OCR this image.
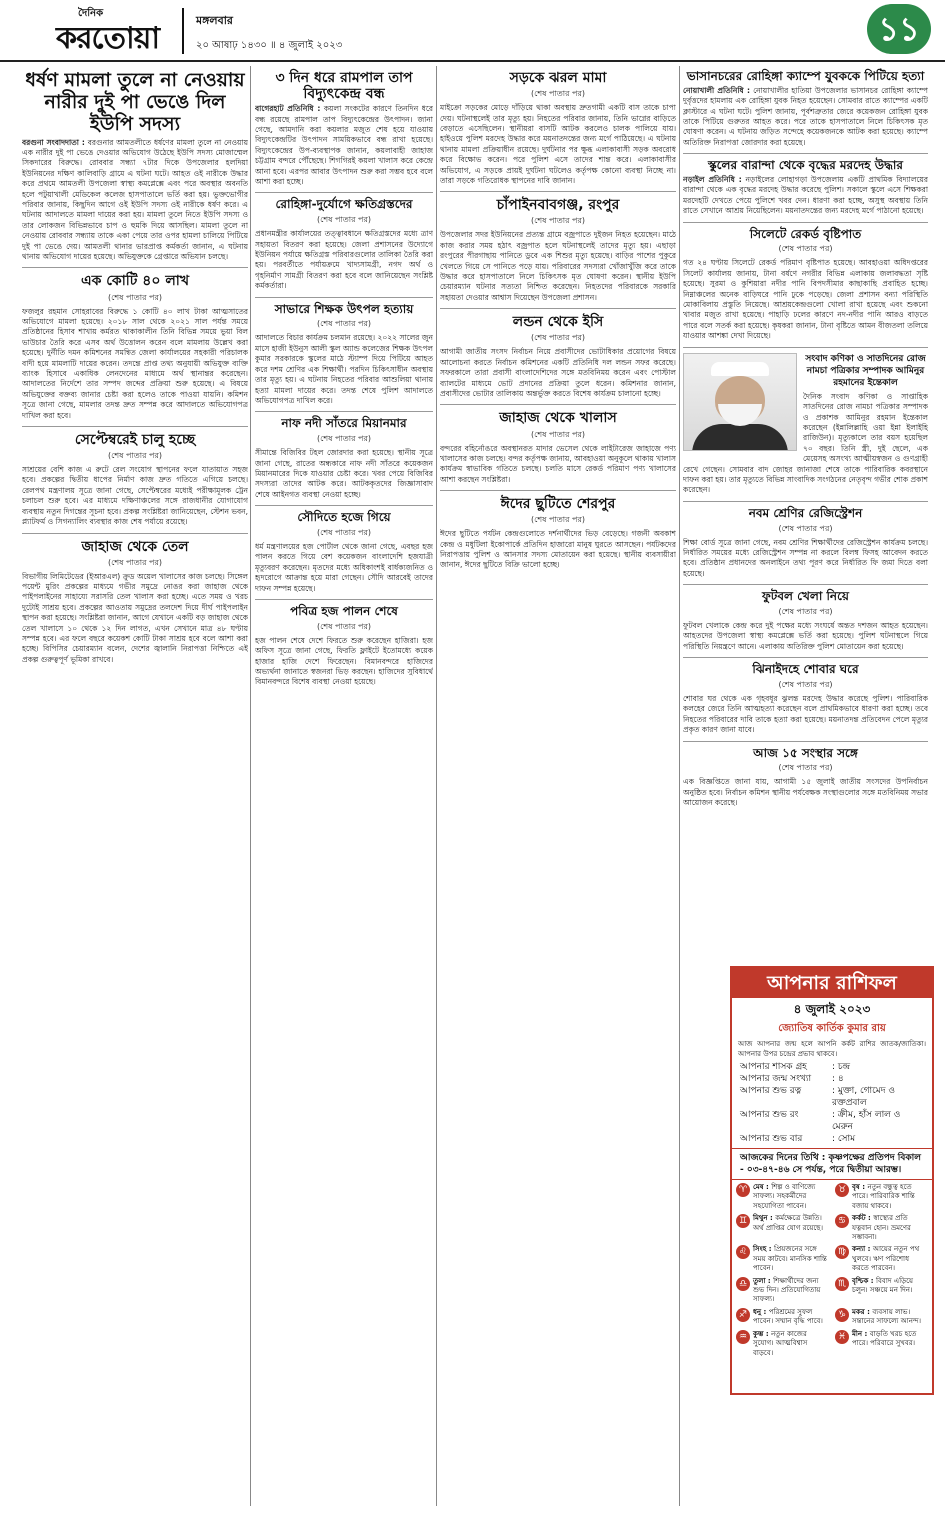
দৈনিক
করতোয়া
মঙ্গলবার
২০ আষাঢ় ১৪৩০ ॥ ৪ জুলাই ২০২৩	১১
ধর্ষণ মামলা তুলে না নেওয়ায় নারীর দুই পা ভেঙে দিল ইউপি সদস্য

বরগুনা সংবাদদাতা : বরগুনার আমতলীতে ধর্ষণের মামলা তুলে না নেওয়ায় এক নারীর দুই পা ভেঙে দেওয়ার অভিযোগ উঠেছে ইউপি সদস্য মোজাম্মেল সিকদারের বিরুদ্ধে। রোববার সন্ধ্যা ৭টার দিকে উপজেলার হলদিয়া ইউনিয়নের দক্ষিণ কালিবাড়ি গ্রামে এ ঘটনা ঘটে। আহত ওই নারীকে উদ্ধার করে প্রথমে আমতলী উপজেলা স্বাস্থ্য কমপ্লেক্সে এবং পরে অবস্থার অবনতি হলে পটুয়াখালী মেডিকেল কলেজ হাসপাতালে ভর্তি করা হয়। ভুক্তভোগীর পরিবার জানায়, কিছুদিন আগে ওই ইউপি সদস্য ওই নারীকে ধর্ষণ করে। এ ঘটনায় আদালতে মামলা দায়ের করা হয়। মামলা তুলে নিতে ইউপি সদস্য ও তার লোকজন বিভিন্নভাবে চাপ ও হুমকি দিয়ে আসছিল। মামলা তুলে না নেওয়ায় রোববার সন্ধ্যায় তাকে একা পেয়ে তার ওপর হামলা চালিয়ে পিটিয়ে দুই পা ভেঙে দেয়। আমতলী থানার ভারপ্রাপ্ত কর্মকর্তা জানান, এ ঘটনায় থানায় অভিযোগ দায়ের হয়েছে। অভিযুক্তকে গ্রেপ্তারে অভিযান চলছে।

এক কোটি ৪০ লাখ
(শেষ পাতার পর)

ফজলুর রহমান সোহরাবের বিরুদ্ধে ১ কোটি ৪০ লাখ টাকা আত্মসাতের অভিযোগে মামলা হয়েছে। ২০১৮ সাল থেকে ২০২১ সাল পর্যন্ত সময়ে প্রতিষ্ঠানের হিসাব শাখায় কর্মরত থাকাকালীন তিনি বিভিন্ন সময়ে ভুয়া বিল ভাউচার তৈরি করে এসব অর্থ উত্তোলন করেন বলে মামলায় উল্লেখ করা হয়েছে। দুর্নীতি দমন কমিশনের সমন্বিত জেলা কার্যালয়ের সহকারী পরিচালক বাদী হয়ে মামলাটি দায়ের করেন। তদন্তে প্রাপ্ত তথ্য অনুযায়ী অভিযুক্ত ব্যক্তি ব্যাংক হিসাবে একাধিক লেনদেনের মাধ্যমে অর্থ স্থানান্তর করেছেন। আদালতের নির্দেশে তার সম্পদ জব্দের প্রক্রিয়া শুরু হয়েছে। এ বিষয়ে অভিযুক্তের বক্তব্য জানার চেষ্টা করা হলেও তাকে পাওয়া যায়নি। কমিশন সূত্রে জানা গেছে, মামলার তদন্ত দ্রুত সম্পন্ন করে আদালতে অভিযোগপত্র দাখিল করা হবে।

সেপ্টেম্বরেই চালু হচ্ছে
(শেষ পাতার পর)

সাশ্রয়ের বেশি কাজ এ রুটে রেল সংযোগ স্থাপনের ফলে যাতায়াত সহজ হবে। প্রকল্পের দ্বিতীয় ধাপের নির্মাণ কাজ দ্রুত গতিতে এগিয়ে চলছে। রেলপথ মন্ত্রণালয় সূত্রে জানা গেছে, সেপ্টেম্বরের মধ্যেই পরীক্ষামূলক ট্রেন চলাচল শুরু হবে। এর মাধ্যমে দক্ষিণাঞ্চলের সঙ্গে রাজধানীর যোগাযোগ ব্যবস্থায় নতুন দিগন্তের সূচনা হবে। প্রকল্প সংশ্লিষ্টরা জানিয়েছেন, স্টেশন ভবন, প্ল্যাটফর্ম ও সিগন্যালিং ব্যবস্থার কাজ শেষ পর্যায়ে রয়েছে।

জাহাজ থেকে তেল
(শেষ পাতার পর)

বিভাগীয় লিমিটেডের (ইআরএল) ক্রুড অয়েল খালাসের কাজ চলছে। সিঙ্গেল পয়েন্ট মুরিং প্রকল্পের মাধ্যমে গভীর সমুদ্রে নোঙর করা জাহাজ থেকে পাইপলাইনের সাহায্যে সরাসরি তেল খালাস করা হচ্ছে। এতে সময় ও খরচ দুটোই সাশ্রয় হবে। প্রকল্পের আওতায় সমুদ্রের তলদেশ দিয়ে দীর্ঘ পাইপলাইন স্থাপন করা হয়েছে। সংশ্লিষ্টরা জানান, আগে যেখানে একটি বড় জাহাজ থেকে তেল খালাসে ১০ থেকে ১২ দিন লাগত, এখন সেখানে মাত্র ৪৮ ঘণ্টায় সম্পন্ন হবে। এর ফলে বছরে কয়েকশ কোটি টাকা সাশ্রয় হবে বলে আশা করা হচ্ছে। বিপিসির চেয়ারম্যান বলেন, দেশের জ্বালানি নিরাপত্তা নিশ্চিতে এই প্রকল্প গুরুত্বপূর্ণ ভূমিকা রাখবে।

৩ দিন ধরে রামপাল তাপ বিদ্যুৎকেন্দ্র বন্ধ

বাগেরহাট প্রতিনিধি : কয়লা সংকটের কারণে তিনদিন ধরে বন্ধ রয়েছে রামপাল তাপ বিদ্যুৎকেন্দ্রের উৎপাদন। জানা গেছে, আমদানি করা কয়লার মজুত শেষ হয়ে যাওয়ায় বিদ্যুৎকেন্দ্রটির উৎপাদন সাময়িকভাবে বন্ধ রাখা হয়েছে। বিদ্যুৎকেন্দ্রের উপ-ব্যবস্থাপক জানান, কয়লাবাহী জাহাজ চট্টগ্রাম বন্দরে পৌঁছেছে। শিগগিরই কয়লা খালাস করে কেন্দ্রে আনা হবে। এরপর আবার উৎপাদন শুরু করা সম্ভব হবে বলে আশা করা হচ্ছে।

রোহিঙ্গা-দুর্যোগে ক্ষতিগ্রস্তদের
(শেষ পাতার পর)

প্রধানমন্ত্রীর কার্যালয়ের তত্ত্বাবধানে ক্ষতিগ্রস্তদের মধ্যে ত্রাণ সহায়তা বিতরণ করা হয়েছে। জেলা প্রশাসনের উদ্যোগে ইউনিয়ন পর্যায়ে ক্ষতিগ্রস্ত পরিবারগুলোর তালিকা তৈরি করা হয়। পরবর্তীতে পর্যায়ক্রমে খাদ্যসামগ্রী, নগদ অর্থ ও গৃহনির্মাণ সামগ্রী বিতরণ করা হবে বলে জানিয়েছেন সংশ্লিষ্ট কর্মকর্তারা।

সাভারে শিক্ষক উৎপল হত্যায়
(শেষ পাতার পর)

আদালতে বিচার কার্যক্রম চলমান রয়েছে। ২০২২ সালের জুন মাসে হাজী ইউনুস আলী স্কুল অ্যান্ড কলেজের শিক্ষক উৎপল কুমার সরকারকে স্কুলের মাঠে স্ট্যাম্প দিয়ে পিটিয়ে আহত করে দশম শ্রেণির এক শিক্ষার্থী। পরদিন চিকিৎসাধীন অবস্থায় তার মৃত্যু হয়। এ ঘটনায় নিহতের পরিবার আশুলিয়া থানায় হত্যা মামলা দায়ের করে। তদন্ত শেষে পুলিশ আদালতে অভিযোগপত্র দাখিল করে।

নাফ নদী সাঁতরে মিয়ানমার
(শেষ পাতার পর)

সীমান্তে বিজিবির টহল জোরদার করা হয়েছে। স্থানীয় সূত্রে জানা গেছে, রাতের অন্ধকারে নাফ নদী সাঁতরে কয়েকজন মিয়ানমারের দিকে যাওয়ার চেষ্টা করে। খবর পেয়ে বিজিবির সদস্যরা তাদের আটক করে। আটককৃতদের জিজ্ঞাসাবাদ শেষে আইনগত ব্যবস্থা নেওয়া হচ্ছে।

সৌদিতে হজে গিয়ে
(শেষ পাতার পর)

ধর্ম মন্ত্রণালয়ের হজ পোর্টাল থেকে জানা গেছে, এবছর হজ পালন করতে গিয়ে বেশ কয়েকজন বাংলাদেশি হজযাত্রী মৃত্যুবরণ করেছেন। মৃতদের মধ্যে অধিকাংশই বার্ধক্যজনিত ও হৃদরোগে আক্রান্ত হয়ে মারা গেছেন। সৌদি আরবেই তাদের দাফন সম্পন্ন হয়েছে।

পবিত্র হজ পালন শেষে
(শেষ পাতার পর)

হজ পালন শেষে দেশে ফিরতে শুরু করেছেন হাজিরা। হজ অফিস সূত্রে জানা গেছে, ফিরতি ফ্লাইটে ইতোমধ্যে কয়েক হাজার হাজি দেশে ফিরেছেন। বিমানবন্দরে হাজিদের অভ্যর্থনা জানাতে স্বজনরা ভিড় করছেন। হাজিদের সুবিধার্থে বিমানবন্দরে বিশেষ ব্যবস্থা নেওয়া হয়েছে।

সড়কে ঝরল মামা
(শেষ পাতার পর)

মাইক্রো সড়কের মোড়ে দাঁড়িয়ে থাকা অবস্থায় দ্রুতগামী একটি বাস তাকে চাপা দেয়। ঘটনাস্থলেই তার মৃত্যু হয়। নিহতের পরিবার জানায়, তিনি ভাগ্নের বাড়িতে বেড়াতে এসেছিলেন। স্থানীয়রা বাসটি আটক করলেও চালক পালিয়ে যায়। হাইওয়ে পুলিশ মরদেহ উদ্ধার করে ময়নাতদন্তের জন্য মর্গে পাঠিয়েছে। এ ঘটনায় থানায় মামলা প্রক্রিয়াধীন রয়েছে। দুর্ঘটনার পর ক্ষুব্ধ এলাকাবাসী সড়ক অবরোধ করে বিক্ষোভ করেন। পরে পুলিশ এসে তাদের শান্ত করে। এলাকাবাসীর অভিযোগ, এ সড়কে প্রায়ই দুর্ঘটনা ঘটলেও কর্তৃপক্ষ কোনো ব্যবস্থা নিচ্ছে না। তারা সড়কে গতিরোধক স্থাপনের দাবি জানান।

চাঁপাইনবাবগঞ্জ, রংপুর
(শেষ পাতার পর)

উপজেলার সদর ইউনিয়নের প্রত্যন্ত গ্রামে বজ্রপাতে দুইজন নিহত হয়েছেন। মাঠে কাজ করার সময় হঠাৎ বজ্রপাত হলে ঘটনাস্থলেই তাদের মৃত্যু হয়। এছাড়া রংপুরের পীরগাছায় পানিতে ডুবে এক শিশুর মৃত্যু হয়েছে। বাড়ির পাশের পুকুরে খেলতে গিয়ে সে পানিতে পড়ে যায়। পরিবারের সদস্যরা খোঁজাখুঁজি করে তাকে উদ্ধার করে হাসপাতালে নিলে চিকিৎসক মৃত ঘোষণা করেন। স্থানীয় ইউপি চেয়ারম্যান ঘটনার সত্যতা নিশ্চিত করেছেন। নিহতদের পরিবারকে সরকারি সহায়তা দেওয়ার আশ্বাস দিয়েছেন উপজেলা প্রশাসন।

লন্ডন থেকে ইসি
(শেষ পাতার পর)

আগামী জাতীয় সংসদ নির্বাচন নিয়ে প্রবাসীদের ভোটাধিকার প্রয়োগের বিষয়ে আলোচনা করতে নির্বাচন কমিশনের একটি প্রতিনিধি দল লন্ডন সফর করেছে। সফরকালে তারা প্রবাসী বাংলাদেশিদের সঙ্গে মতবিনিময় করেন এবং পোস্টাল ব্যালটের মাধ্যমে ভোট প্রদানের প্রক্রিয়া তুলে ধরেন। কমিশনার জানান, প্রবাসীদের ভোটার তালিকায় অন্তর্ভুক্ত করতে বিশেষ কার্যক্রম চালানো হচ্ছে।

জাহাজ থেকে খালাস
(শেষ পাতার পর)

বন্দরের বহির্নোঙরে অবস্থানরত মাদার ভেসেল থেকে লাইটারেজ জাহাজে পণ্য খালাসের কাজ চলছে। বন্দর কর্তৃপক্ষ জানায়, আবহাওয়া অনুকূলে থাকায় খালাস কার্যক্রম স্বাভাবিক গতিতে চলছে। চলতি মাসে রেকর্ড পরিমাণ পণ্য খালাসের আশা করছেন সংশ্লিষ্টরা।

ঈদের ছুটিতে শেরপুর
(শেষ পাতার পর)

ঈদের ছুটিতে পর্যটন কেন্দ্রগুলোতে দর্শনার্থীদের ভিড় বেড়েছে। গজনী অবকাশ কেন্দ্র ও মধুটিলা ইকোপার্কে প্রতিদিন হাজারো মানুষ ঘুরতে আসছেন। পর্যটকদের নিরাপত্তায় পুলিশ ও আনসার সদস্য মোতায়েন করা হয়েছে। স্থানীয় ব্যবসায়ীরা জানান, ঈদের ছুটিতে বিক্রি ভালো হচ্ছে।

ভাসানচরের রোহিঙ্গা ক্যাম্পে যুবককে পিটিয়ে হত্যা

নোয়াখালী প্রতিনিধি : নোয়াখালীর হাতিয়া উপজেলার ভাসানচর রোহিঙ্গা ক্যাম্পে দুর্বৃত্তদের হামলায় এক রোহিঙ্গা যুবক নিহত হয়েছেন। সোমবার রাতে ক্যাম্পের একটি ক্লাস্টারে এ ঘটনা ঘটে। পুলিশ জানায়, পূর্বশত্রুতার জেরে কয়েকজন রোহিঙ্গা যুবক তাকে পিটিয়ে গুরুতর আহত করে। পরে তাকে হাসপাতালে নিলে চিকিৎসক মৃত ঘোষণা করেন। এ ঘটনায় জড়িত সন্দেহে কয়েকজনকে আটক করা হয়েছে। ক্যাম্পে অতিরিক্ত নিরাপত্তা জোরদার করা হয়েছে।

স্কুলের বারান্দা থেকে বৃদ্ধের মরদেহ উদ্ধার

নড়াইল প্রতিনিধি : নড়াইলের লোহাগড়া উপজেলায় একটি প্রাথমিক বিদ্যালয়ের বারান্দা থেকে এক বৃদ্ধের মরদেহ উদ্ধার করেছে পুলিশ। সকালে স্কুলে এসে শিক্ষকরা মরদেহটি দেখতে পেয়ে পুলিশে খবর দেন। ধারণা করা হচ্ছে, অসুস্থ অবস্থায় তিনি রাতে সেখানে আশ্রয় নিয়েছিলেন। ময়নাতদন্তের জন্য মরদেহ মর্গে পাঠানো হয়েছে।

সিলেটে রেকর্ড বৃষ্টিপাত
(শেষ পাতার পর)

গত ২৪ ঘণ্টায় সিলেটে রেকর্ড পরিমাণ বৃষ্টিপাত হয়েছে। আবহাওয়া অধিদপ্তরের সিলেট কার্যালয় জানায়, টানা বর্ষণে নগরীর বিভিন্ন এলাকায় জলাবদ্ধতা সৃষ্টি হয়েছে। সুরমা ও কুশিয়ারা নদীর পানি বিপদসীমার কাছাকাছি প্রবাহিত হচ্ছে। নিম্নাঞ্চলের অনেক বাড়িঘরে পানি ঢুকে পড়েছে। জেলা প্রশাসন বন্যা পরিস্থিতি মোকাবিলায় প্রস্তুতি নিয়েছে। আশ্রয়কেন্দ্রগুলো খোলা রাখা হয়েছে এবং শুকনো খাবার মজুত রাখা হয়েছে। পাহাড়ি ঢলের কারণে নদ-নদীর পানি আরও বাড়তে পারে বলে সতর্ক করা হয়েছে। কৃষকরা জানান, টানা বৃষ্টিতে আমন বীজতলা তলিয়ে যাওয়ার আশঙ্কা দেখা দিয়েছে।

সংবাদ কণিকা ও সাতদিনের রোজ নামচা পত্রিকার সম্পাদক আমিনুর রহমানের ইন্তেকাল

দৈনিক সংবাদ কণিকা ও সাপ্তাহিক সাতদিনের রোজ নামচা পত্রিকার সম্পাদক ও প্রকাশক আমিনুর রহমান ইন্তেকাল করেছেন (ইন্নালিল্লাহি ওয়া ইন্না ইলাইহি রাজিউন)। মৃত্যুকালে তার বয়স হয়েছিল ৭০ বছর। তিনি স্ত্রী, দুই ছেলে, এক মেয়েসহ অসংখ্য আত্মীয়স্বজন ও গুণগ্রাহী রেখে গেছেন। সোমবার বাদ জোহর জানাজা শেষে তাকে পারিবারিক কবরস্থানে দাফন করা হয়। তার মৃত্যুতে বিভিন্ন সাংবাদিক সংগঠনের নেতৃবৃন্দ গভীর শোক প্রকাশ করেছেন।

নবম শ্রেণির রেজিস্ট্রেশন
(শেষ পাতার পর)

শিক্ষা বোর্ড সূত্রে জানা গেছে, নবম শ্রেণির শিক্ষার্থীদের রেজিস্ট্রেশন কার্যক্রম চলছে। নির্ধারিত সময়ের মধ্যে রেজিস্ট্রেশন সম্পন্ন না করলে বিলম্ব ফিসহ আবেদন করতে হবে। প্রতিষ্ঠান প্রধানদের অনলাইনে তথ্য পূরণ করে নির্ধারিত ফি জমা দিতে বলা হয়েছে।

ফুটবল খেলা নিয়ে
(শেষ পাতার পর)

ফুটবল খেলাকে কেন্দ্র করে দুই পক্ষের মধ্যে সংঘর্ষে অন্তত দশজন আহত হয়েছেন। আহতদের উপজেলা স্বাস্থ্য কমপ্লেক্সে ভর্তি করা হয়েছে। পুলিশ ঘটনাস্থলে গিয়ে পরিস্থিতি নিয়ন্ত্রণে আনে। এলাকায় অতিরিক্ত পুলিশ মোতায়েন করা হয়েছে।

ঝিনাইদহে শোবার ঘরে
(শেষ পাতার পর)

শোবার ঘর থেকে এক গৃহবধূর ঝুলন্ত মরদেহ উদ্ধার করেছে পুলিশ। পারিবারিক কলহের জেরে তিনি আত্মহত্যা করেছেন বলে প্রাথমিকভাবে ধারণা করা হচ্ছে। তবে নিহতের পরিবারের দাবি তাকে হত্যা করা হয়েছে। ময়নাতদন্ত প্রতিবেদন পেলে মৃত্যুর প্রকৃত কারণ জানা যাবে।

আজ ১৫ সংস্থার সঙ্গে
(শেষ পাতার পর)

এক বিজ্ঞপ্তিতে জানা যায়, আগামী ১৫ জুলাই জাতীয় সংসদের উপনির্বাচন অনুষ্ঠিত হবে। নির্বাচন কমিশন স্থানীয় পর্যবেক্ষক সংস্থাগুলোর সঙ্গে মতবিনিময় সভার আয়োজন করেছে।

আপনার রাশিফল
৪ জুলাই ২০২৩
জ্যোতিষ কার্তিক কুমার রায়
আজ আপনার জন্ম হলে আপনি কর্কট রাশির জাতক/জাতিকা। আপনার উপর চন্দ্রের প্রভাব থাকবে।
আপনার শাসক গ্রহ	: চন্দ্র
আপনার জন্ম সংখ্যা	: ৪
আপনার শুভ রত্ন	: মুক্তা, গোমেদ ও রক্তপ্রবাল
আপনার শুভ রং	: ক্রীম, হাঁস লাল ও মেরুন
আপনার শুভ বার	: সোম
আজকের দিনের তিথি : কৃষ্ণপক্ষের প্রতিপদ বিকাল - ০৩-৪৭-৪৬ সে পর্যন্ত, পরে দ্বিতীয়া আরম্ভ।
♈ মেষ : শিল্প ও বাণিজ্যে সাফল্য। সহকর্মীদের সহযোগিতা পাবেন।
♉ বৃষ : নতুন বন্ধুত্ব হতে পারে। পারিবারিক শান্তি বজায় থাকবে।
♊ মিথুন : কর্মক্ষেত্রে উন্নতি। অর্থ প্রাপ্তির যোগ রয়েছে।
♋ কর্কট : স্বাস্থ্যের প্রতি যত্নবান হোন। ভ্রমণের সম্ভাবনা।
♌ সিংহ : প্রিয়জনের সঙ্গে সময় কাটবে। মানসিক শান্তি পাবেন।
♍ কন্যা : আয়ের নতুন পথ খুলবে। ঋণ পরিশোধ করতে পারবেন।
♎ তুলা : শিক্ষার্থীদের জন্য শুভ দিন। প্রতিযোগিতায় সাফল্য।
♏ বৃশ্চিক : বিবাদ এড়িয়ে চলুন। সঞ্চয়ে মন দিন।
♐ ধনু : পরিশ্রমের সুফল পাবেন। সম্মান বৃদ্ধি পাবে।
♑ মকর : ব্যবসায় লাভ। সন্তানের সাফল্যে আনন্দ।
♒ কুম্ভ : নতুন কাজের সুযোগ। আত্মবিশ্বাস বাড়বে।
♓ মীন : বাড়তি খরচ হতে পারে। পরিবারে সুখবর।
